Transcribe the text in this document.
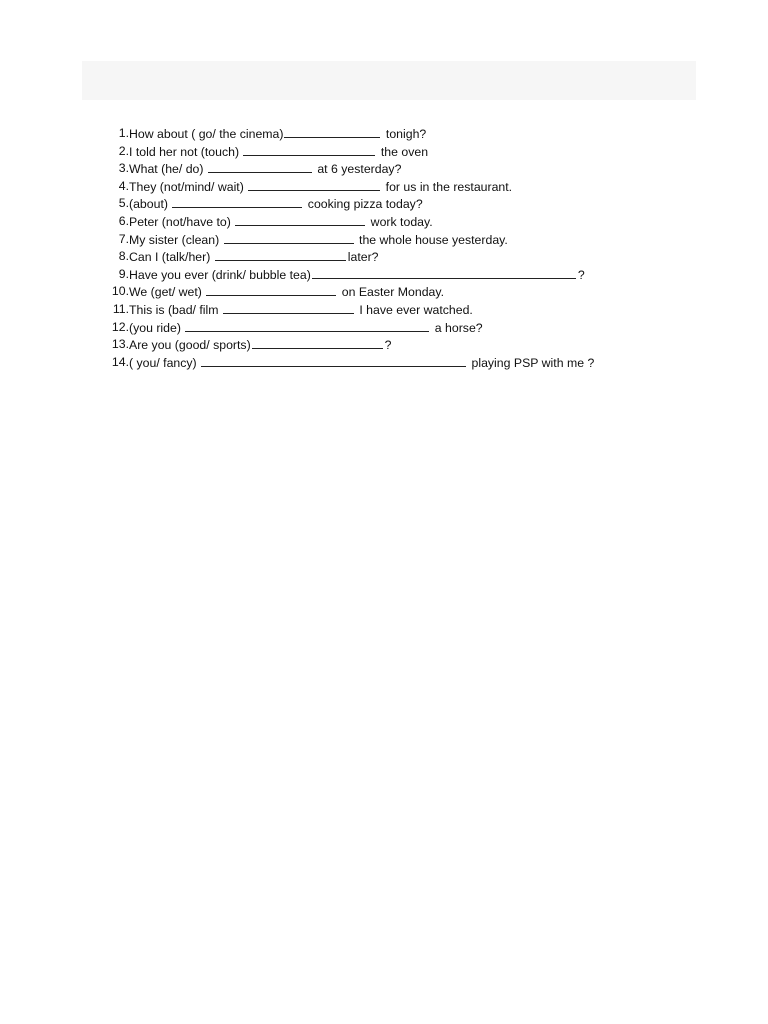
1. How about ( go/ the cinema)	tonigh?
2. I told her not (touch)	the oven
3. What (he/ do)	at 6 yesterday?
4. They (not/mind/ wait)	for us in the restaurant.
5. (about)	cooking pizza today?
6. Peter (not/have to)	work today.
7. My sister (clean)	the whole house yesterday.
8. Can I (talk/her)	later?
9. Have you ever (drink/ bubble tea)	?
10. We (get/ wet)	on Easter Monday.
11. This is (bad/ film	I have ever watched.
12. (you ride)	a horse?
13. Are you (good/ sports)	?
14. ( you/ fancy)	playing PSP with me ?
